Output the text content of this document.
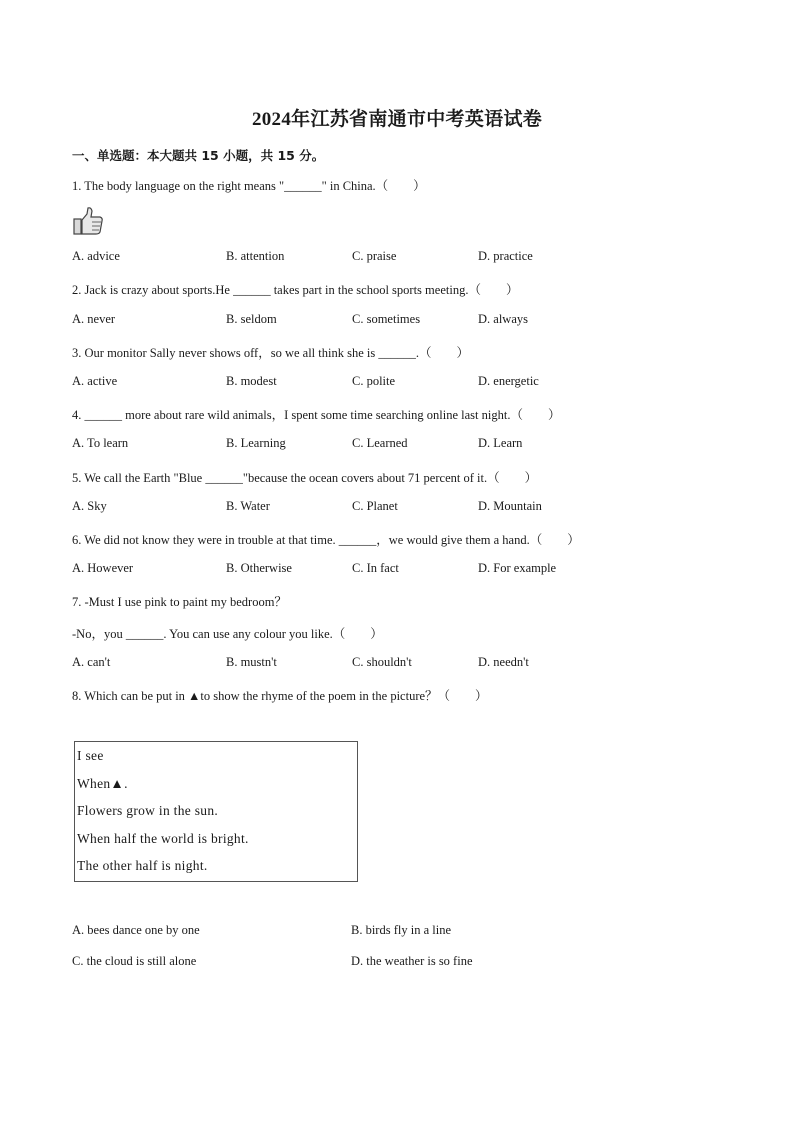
2024年江苏省南通市中考英语试卷
一、单选题：本大题共 15 小题，共 15 分。
1. The body language on the right means "______" in China.（　　）
A. advice	B. attention	C. praise	D. practice
2. Jack is crazy about sports.He ______ takes part in the school sports meeting.（　　）
A. never	B. seldom	C. sometimes	D. always
3. Our monitor Sally never shows off，so we all think she is ______.（　　）
A. active	B. modest	C. polite	D. energetic
4. ______ more about rare wild animals，I spent some time searching online last night.（　　）
A. To learn	B. Learning	C. Learned	D. Learn
5. We call the Earth "Blue ______"because the ocean covers about 71 percent of it.（　　）
A. Sky	B. Water	C. Planet	D. Mountain
6. We did not know they were in trouble at that time. ______，we would give them a hand.（　　）
A. However	B. Otherwise	C. In fact	D. For example
7. -Must I use pink to paint my bedroom？
-No，you ______. You can use any colour you like.（　　）
A. can't	B. mustn't	C. shouldn't	D. needn't
8. Which can be put in ▲to show the rhyme of the poem in the picture？（　　）
I see
When▲.
Flowers grow in the sun.
When half the world is bright.
The other half is night.
A. bees dance one by one	B. birds fly in a line
C. the cloud is still alone	D. the weather is so fine
